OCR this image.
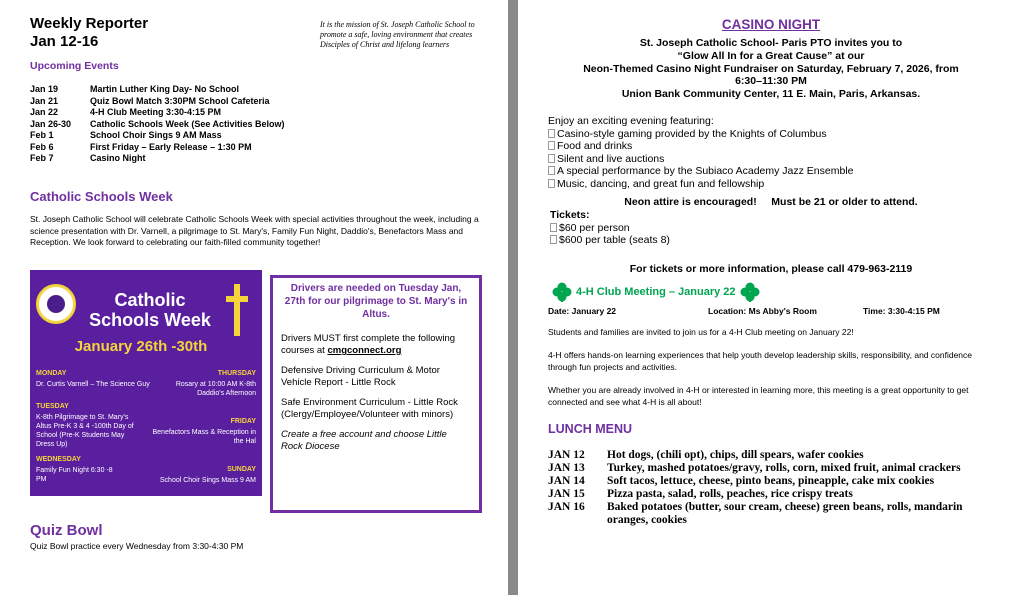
Weekly Reporter
Jan 12-16
It is the mission of St. Joseph Catholic School to promote a safe, loving environment that creates Disciples of Christ and lifelong learners
Upcoming Events
Jan 19	Martin Luther King Day- No School
Jan 21	Quiz Bowl Match 3:30PM School Cafeteria
Jan 22	4-H Club Meeting 3:30-4:15 PM
Jan 26-30	Catholic Schools Week (See Activities Below)
Feb 1	School Choir Sings 9 AM Mass
Feb 6	First Friday – Early Release – 1:30 PM
Feb 7	Casino Night
Catholic Schools Week
St. Joseph Catholic School will celebrate Catholic Schools Week with special activities throughout the week, including a science presentation with Dr. Varnell, a pilgrimage to St. Mary's, Family Fun Night, Daddio's, Benefactors Mass and Reception. We look forward to celebrating our faith-filled community together!
Catholic Schools Week
January 26th -30th
MONDAY
Dr. Curtis Varnell – The Science Guy
TUESDAY
K-8th Pilgrimage to St. Mary's Altus Pre-K 3 & 4 -100th Day of School (Pre-K Students May Dress Up)
WEDNESDAY
Family Fun Night 6:30 -8 PM
THURSDAY
Rosary at 10:00 AM K-8th Daddio's Afternoon
FRIDAY
Benefactors Mass & Reception in the Hal
SUNDAY
School Choir Sings Mass 9 AM
Drivers are needed on Tuesday Jan, 27th for our pilgrimage to St. Mary's in Altus.

Drivers MUST first complete the following courses at cmgconnect.org

Defensive Driving Curriculum & Motor Vehicle Report - Little Rock

Safe Environment Curriculum - Little Rock (Clergy/Employee/Volunteer with minors)

Create a free account and choose Little Rock Diocese

Quiz Bowl
Quiz Bowl practice every Wednesday from 3:30-4:30 PM
CASINO NIGHT
St. Joseph Catholic School- Paris PTO invites you to
“Glow All In for a Great Cause” at our
Neon-Themed Casino Night Fundraiser on Saturday, February 7, 2026, from
6:30–11:30 PM
Union Bank Community Center, 11 E. Main, Paris, Arkansas.
Enjoy an exciting evening featuring:
Casino-style gaming provided by the Knights of Columbus
Food and drinks
Silent and live auctions
A special performance by the Subiaco Academy Jazz Ensemble
Music, dancing, and great fun and fellowship
Neon attire is encouraged!     Must be 21 or older to attend.
Tickets:
$60 per person
$600 per table (seats 8)
For tickets or more information, please call 479-963-2119
4-H Club Meeting – January 22
Date: January 22	Location: Ms Abby's Room	Time: 3:30-4:15 PM
Students and families are invited to join us for a 4-H Club meeting on January 22!
4-H offers hands-on learning experiences that help youth develop leadership skills, responsibility, and confidence through fun projects and activities.
Whether you are already involved in 4-H or interested in learning more, this meeting is a great opportunity to get connected and see what 4-H is all about!
LUNCH MENU
JAN 12	Hot dogs, (chili opt), chips, dill spears, wafer cookies
JAN 13	Turkey, mashed potatoes/gravy, rolls, corn, mixed fruit, animal crackers
JAN 14	Soft tacos, lettuce, cheese, pinto beans, pineapple, cake mix cookies
JAN 15	Pizza pasta, salad, rolls, peaches, rice crispy treats
JAN 16	Baked potatoes (butter, sour cream, cheese) green beans, rolls, mandarin oranges, cookies
